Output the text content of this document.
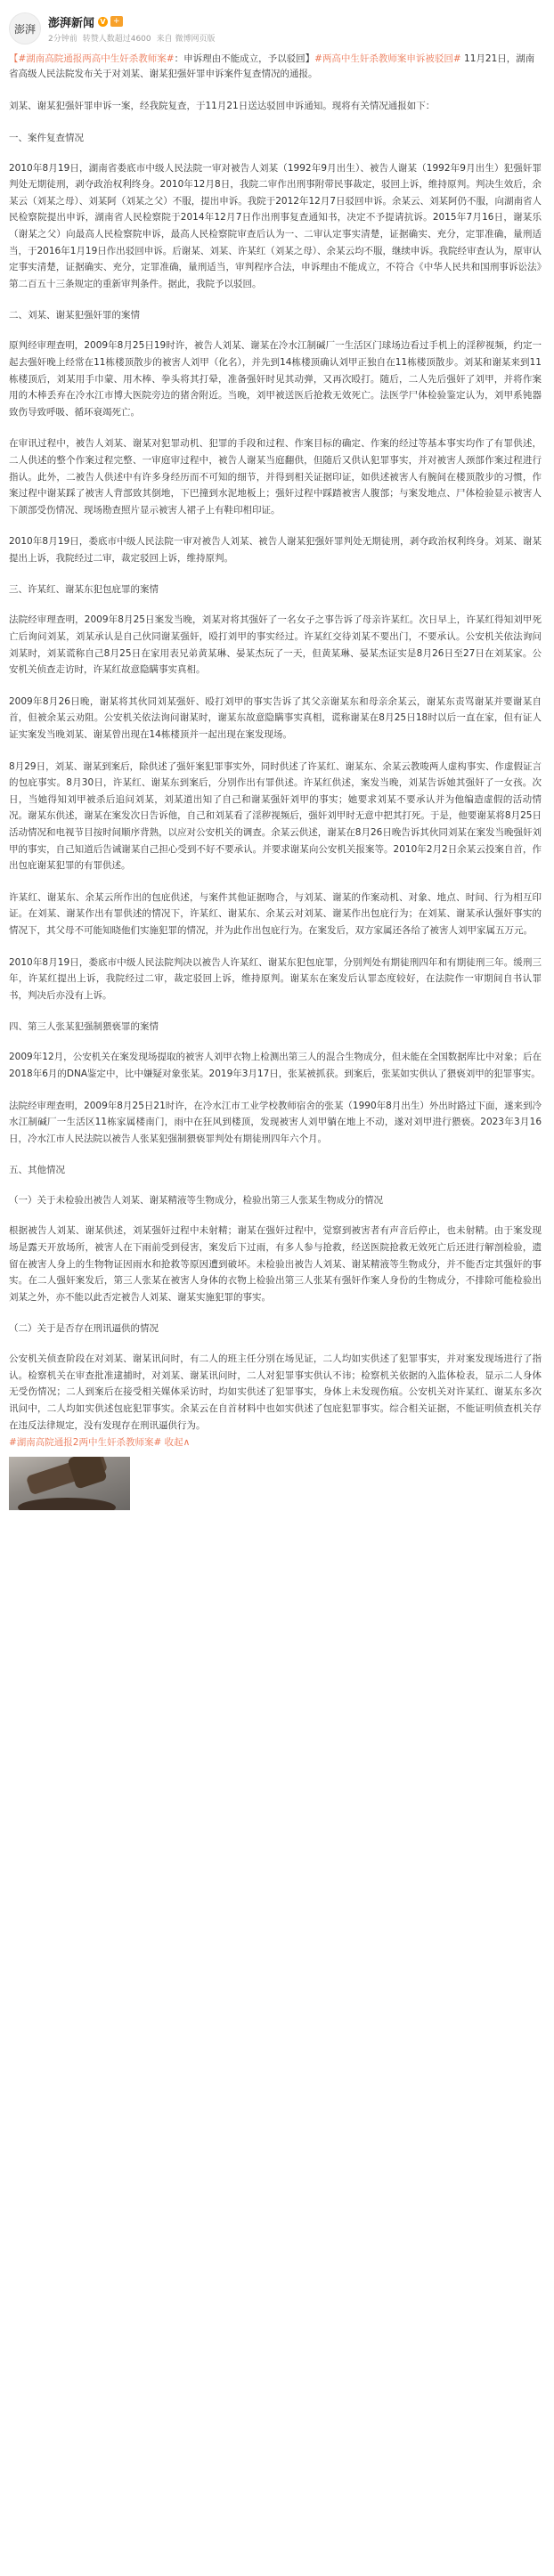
澎湃	澎湃新闻 V +
2分钟前 转赞人数超过4600 来自 微博网页版
【#湖南高院通报两高中生奸杀教师案#：申诉理由不能成立，予以驳回】#两高中生奸杀教师案申诉被驳回# 11月21日，湖南省高级人民法院发布关于对刘某、谢某犯强奸罪申诉案件复查情况的通报。

刘某、谢某犯强奸罪申诉一案，经我院复查，于11月21日送达驳回申诉通知。现将有关情况通报如下：

一、案件复查情况

2010年8月19日，湖南省娄底市中级人民法院一审对被告人刘某（1992年9月出生）、被告人谢某（1992年9月出生）犯强奸罪判处无期徒刑，剥夺政治权利终身。2010年12月8日，我院二审作出刑事附带民事裁定，驳回上诉，维持原判。判决生效后，余某云（刘某之母）、刘某阿（刘某之父）不服，提出申诉。我院于2012年12月7日驳回申诉。余某云、刘某阿仍不服，向湖南省人民检察院提出申诉，湖南省人民检察院于2014年12月7日作出刑事复查通知书，决定不予提请抗诉。2015年7月16日，谢某乐（谢某之父）向最高人民检察院申诉，最高人民检察院审查后认为一、二审认定事实清楚，证据确实、充分，定罪准确，量刑适当，于2016年1月19日作出驳回申诉。后谢某、刘某、许某红（刘某之母）、余某云均不服，继续申诉。我院经审查认为，原审认定事实清楚，证据确实、充分，定罪准确，量刑适当，审判程序合法，申诉理由不能成立，不符合《中华人民共和国刑事诉讼法》第二百五十三条规定的重新审判条件。据此，我院予以驳回。

二、刘某、谢某犯强奸罪的案情

原判经审理查明，2009年8月25日19时许，被告人刘某、谢某在冷水江制碱厂一生活区门球场边看过手机上的淫秽视频，约定一起去强奸晚上经常在11栋楼顶散步的被害人刘甲（化名），并先到14栋楼顶确认刘甲正独自在11栋楼顶散步。刘某和谢某来到11栋楼顶后，刘某用手巾蒙、用木棒、拳头将其打晕，准备强奸时见其动弹，又再次殴打。随后，二人先后强奸了刘甲，并将作案用的木棒丢弃在冷水江市博大医院旁边的猪舍附近。当晚，刘甲被送医后抢救无效死亡。法医学尸体检验鉴定认为，刘甲系钝器致伤导致呼吸、循环衰竭死亡。

在审讯过程中，被告人刘某、谢某对犯罪动机、犯罪的手段和过程、作案目标的确定、作案的经过等基本事实均作了有罪供述，二人供述的整个作案过程完整、一审庭审过程中，被告人谢某当庭翻供，但随后又供认犯罪事实，并对被害人颈部作案过程进行指认。此外，二被告人供述中有许多身经历而不可知的细节，并得到相关证据印证，如供述被害人有腕间在楼顶散步的习惯，作案过程中谢某踩了被害人背部致其倒地，下巴撞到水泥地板上；强奸过程中踩踏被害人腹部；与案发地点、尸体检验显示被害人下颌部受伤情况、现场勘查照片显示被害人裙子上有鞋印相印证。

2010年8月19日，娄底市中级人民法院一审对被告人刘某、被告人谢某犯强奸罪判处无期徒刑，剥夺政治权利终身。刘某、谢某提出上诉，我院经过二审，裁定驳回上诉，维持原判。

三、许某红、谢某东犯包庇罪的案情

法院经审理查明，2009年8月25日案发当晚，刘某对将其强奸了一名女子之事告诉了母亲许某红。次日早上，许某红得知刘甲死亡后询问刘某，刘某承认是自己伙同谢某强奸，殴打刘甲的事实经过。许某红交待刘某不要出门，不要承认。公安机关依法询问刘某时，刘某谎称自己8月25日在家用表兄弟黄某琳、晏某杰玩了一天，但黄某琳、晏某杰证实是8月26日至27日在刘某家。公安机关侦查走访时，许某红故意隐瞒事实真相。

2009年8月26日晚，谢某将其伙同刘某强奸、殴打刘甲的事实告诉了其父亲谢某东和母亲余某云，谢某东责骂谢某并要谢某自首，但被余某云劝阻。公安机关依法询问谢某时，谢某东故意隐瞒事实真相，谎称谢某在8月25日18时以后一直在家，但有证人证实案发当晚刘某、谢某曾出现在14栋楼顶并一起出现在案发现场。

8月29日，刘某、谢某到案后，除供述了强奸案犯罪事实外，同时供述了许某红、谢某东、余某云教唆两人虚构事实、作虚假证言的包庇事实。8月30日，许某红、谢某东到案后，分别作出有罪供述。许某红供述，案发当晚，刘某告诉她其强奸了一女孩。次日，当她得知刘甲被杀后追问刘某，刘某道出知了自己和谢某强奸刘甲的事实；她要求刘某不要承认并为他编造虚假的活动情况。谢某东供述，谢某在案发次日告诉他，自己和刘某看了淫秽视频后，强奸刘甲时无意中把其打死。于是，他要谢某将8月25日活动情况和电视节目按时间顺序背熟，以应对公安机关的调查。余某云供述，谢某在8月26日晚告诉其伙同刘某在案发当晚强奸刘甲的事实，自己知道后告诫谢某自己担心受到不好不要承认。并要求谢某向公安机关报案等。2010年2月2日余某云投案自首，作出包庇谢某犯罪的有罪供述。

许某红、谢某东、余某云所作出的包庇供述，与案件其他证据吻合，与刘某、谢某的作案动机、对象、地点、时间、行为相互印证。在刘某、谢某作出有罪供述的情况下，许某红、谢某东、余某云对刘某、谢某作出包庇行为；在刘某、谢某承认强奸事实的情况下，其父母不可能知晓他们实施犯罪的情况，并为此作出包庇行为。在案发后，双方家属还各给了被害人刘甲家属五万元。

2010年8月19日，娄底市中级人民法院判决以被告人许某红、谢某东犯包庇罪，分别判处有期徒刑四年和有期徒刑三年。缓刑三年，许某红提出上诉，我院经过二审，裁定驳回上诉，维持原判。谢某东在案发后认罪态度较好，在法院作一审期间自书认罪书，判决后亦没有上诉。

四、第三人张某犯强制猥亵罪的案情

2009年12月，公安机关在案发现场提取的被害人刘甲衣物上检测出第三人的混合生物成分，但未能在全国数据库比中对象；后在2018年6月的DNA鉴定中，比中嫌疑对象张某。2019年3月17日，张某被抓获。到案后，张某如实供认了猥亵刘甲的犯罪事实。

法院经审理查明，2009年8月25日21时许，在冷水江市工业学校教师宿舍的张某（1990年8月出生）外出时路过下面，遂来到冷水江制碱厂一生活区11栋家属楼南门，雨中在狂风到楼顶，发现被害人刘甲躺在地上不动，遂对刘甲进行猥亵。2023年3月16日，冷水江市人民法院以被告人张某犯强制猥亵罪判处有期徒刑四年六个月。

五、其他情况

（一）关于未检验出被告人刘某、谢某精液等生物成分，检验出第三人张某生物成分的情况

根据被告人刘某、谢某供述，刘某强奸过程中未射精；谢某在强奸过程中，觉察到被害者有声音后停止，也未射精。由于案发现场是露天开放场所，被害人在下雨前受到侵害，案发后下过雨，有多人参与抢救，经送医院抢救无效死亡后还进行解剖检验，遗留在被害人身上的生物物证因雨水和抢救等原因遭到破坏。未检验出被告人刘某、谢某精液等生物成分，并不能否定其强奸的事实。在二人强奸案发后，第三人张某在被害人身体的衣物上检验出第三人张某有强奸作案人身份的生物成分，不排除可能检验出刘某之外，亦不能以此否定被告人刘某、谢某实施犯罪的事实。

（二）关于是否存在刑讯逼供的情况

公安机关侦查阶段在对刘某、谢某讯问时，有二人的班主任分别在场见证，二人均如实供述了犯罪事实，并对案发现场进行了指认。检察机关在审查批准逮捕时，对刘某、谢某讯问时，二人对犯罪事实供认不讳；检察机关依据的入监体检表，显示二人身体无受伤情况；二人到案后在接受相关媒体采访时，均如实供述了犯罪事实，身体上未发现伤痕。公安机关对许某红、谢某东多次讯问中，二人均如实供述包庇犯罪事实。余某云在自首材料中也如实供述了包庇犯罪事实。综合相关证据，不能证明侦查机关存在违反法律规定，没有发现存在刑讯逼供行为。

#湖南高院通报2两中生奸杀教师案# 收起∧
